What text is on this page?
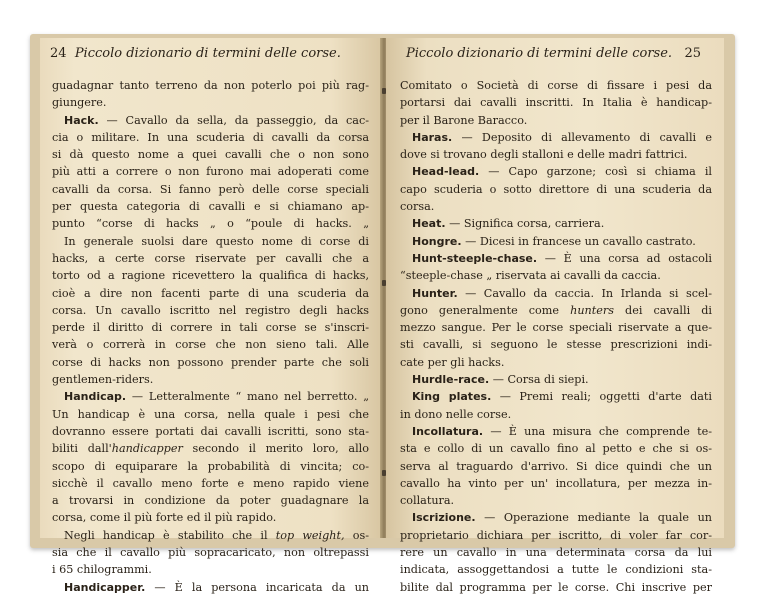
24 Piccolo dizionario di termini delle corse.
guadagnar tanto terreno da non poterlo poi più rag-
giungere.
Hack. — Cavallo da sella, da passeggio, da cac-
cia o militare. In una scuderia di cavalli da corsa
si dà questo nome a quei cavalli che o non sono
più atti a correre o non furono mai adoperati come
cavalli da corsa. Si fanno però delle corse speciali
per questa categoria di cavalli e si chiamano ap-
punto “corse di hacks „ o “poule di hacks. „
In generale suolsi dare questo nome di corse di
hacks, a certe corse riservate per cavalli che a
torto od a ragione ricevettero la qualifica di hacks,
cioè a dire non facenti parte di una scuderia da
corsa. Un cavallo iscritto nel registro degli hacks
perde il diritto di correre in tali corse se s'inscri-
verà o correrà in corse che non sieno tali. Alle
corse di hacks non possono prender parte che soli
gentlemen-riders.
Handicap. — Letteralmente “ mano nel berretto. „
Un handicap è una corsa, nella quale i pesi che
dovranno essere portati dai cavalli iscritti, sono sta-
biliti dall'handicapper secondo il merito loro, allo
scopo di equiparare la probabilità di vincita; co-
sicchè il cavallo meno forte e meno rapido viene
a trovarsi in condizione da poter guadagnare la
corsa, come il più forte ed il più rapido.
Negli handicap è stabilito che il top weight, os-
sia che il cavallo più sopracaricato, non oltrepassi
i 65 chilogrammi.
Handicapper. — È la persona incaricata da un
Piccolo dizionario di termini delle corse. 25
Comitato o Società di corse di fissare i pesi da
portarsi dai cavalli inscritti. In Italia è handicap-
per il Barone Baracco.
Haras. — Deposito di allevamento di cavalli e
dove si trovano degli stalloni e delle madri fattrici.
Head-lead. — Capo garzone; così si chiama il
capo scuderia o sotto direttore di una scuderia da
corsa.
Heat. — Significa corsa, carriera.
Hongre. — Dicesi in francese un cavallo castrato.
Hunt-steeple-chase. — È una corsa ad ostacoli
“steeple-chase „ riservata ai cavalli da caccia.
Hunter. — Cavallo da caccia. In Irlanda si scel-
gono generalmente come hunters dei cavalli di
mezzo sangue. Per le corse speciali riservate a que-
sti cavalli, si seguono le stesse prescrizioni indi-
cate per gli hacks.
Hurdle-race. — Corsa di siepi.
King plates. — Premi reali; oggetti d'arte dati
in dono nelle corse.
Incollatura. — È una misura che comprende te-
sta e collo di un cavallo fino al petto e che si os-
serva al traguardo d'arrivo. Si dice quindi che un
cavallo ha vinto per un' incollatura, per mezza in-
collatura.
Iscrizione. — Operazione mediante la quale un
proprietario dichiara per iscritto, di voler far cor-
rere un cavallo in una determinata corsa da lui
indicata, assoggettandosi a tutte le condizioni sta-
bilite dal programma per le corse. Chi inscrive per
